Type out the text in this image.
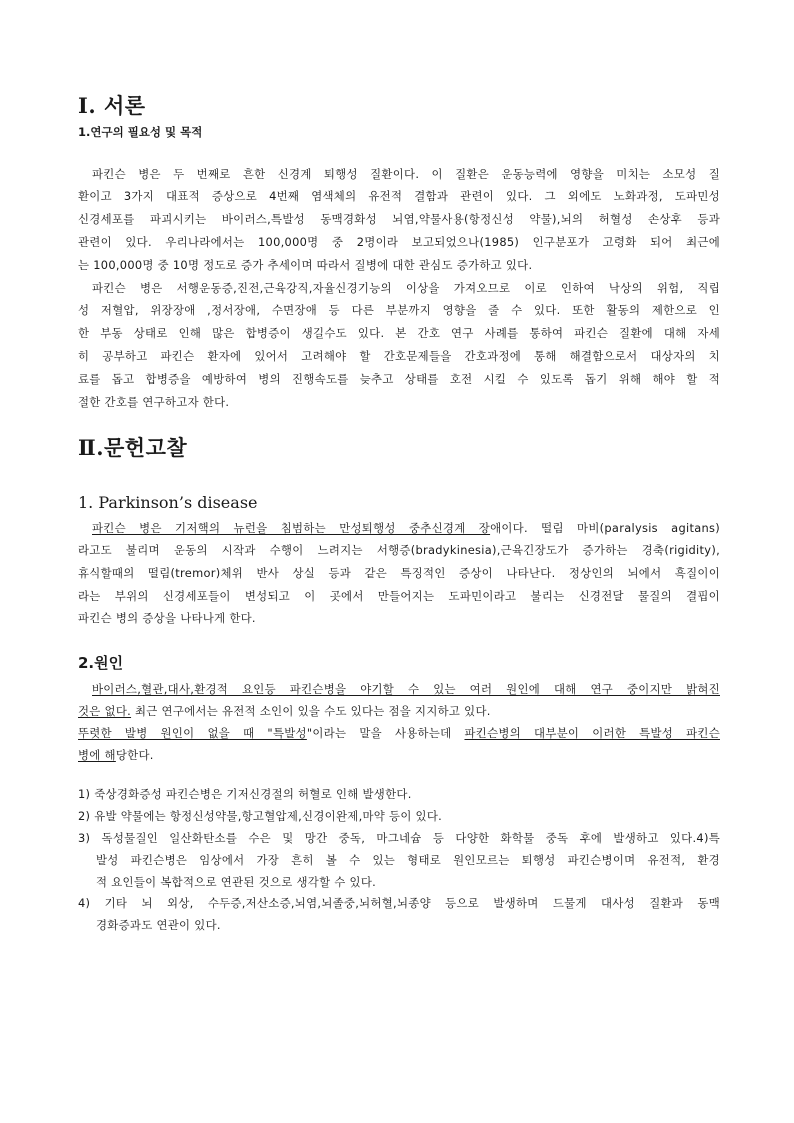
Ⅰ. 서론
1.연구의 필요성 및 목적
파킨슨 병은 두 번째로 흔한 신경계 퇴행성 질환이다. 이 질환은 운동능력에 영향을 미치는 소모성 질
환이고 3가지 대표적 증상으로 4번째 염색체의 유전적 결함과 관련이 있다. 그 외에도 노화과정, 도파민성
신경세포를 파괴시키는 바이러스,특발성 동맥경화성 뇌염,약물사용(항정신성 약물),뇌의 허혈성 손상후 등과
관련이 있다. 우리나라에서는 100,000명 중 2명이라 보고되었으나(1985) 인구분포가 고령화 되어 최근에
는 100,000명 중 10명 정도로 증가 추세이며 따라서 질병에 대한 관심도 증가하고 있다.
파킨슨 병은 서행운동증,진전,근육강직,자율신경기능의 이상을 가져오므로 이로 인하여 낙상의 위험, 직립
성 저혈압, 위장장애 ,정서장애, 수면장애 등 다른 부분까지 영향을 줄 수 있다. 또한 활동의 제한으로 인
한 부동 상태로 인해 많은 합병증이 생길수도 있다. 본 간호 연구 사례를 통하여 파킨슨 질환에 대해 자세
히 공부하고 파킨슨 환자에 있어서 고려해야 할 간호문제들을 간호과정에 통해 해결함으로서 대상자의 치
료를 돕고 합병증을 예방하여 병의 진행속도를 늦추고 상태를 호전 시킬 수 있도록 돕기 위해 해야 할 적
절한 간호를 연구하고자 한다.
Ⅱ.문헌고찰
1. Parkinson’s disease
파킨슨 병은 기저핵의 뉴런을 침범하는 만성퇴행성 중추신경계 장애이다. 떨림 마비(paralysis agitans)
라고도 불리며 운동의 시작과 수행이 느려지는 서행증(bradykinesia),근육긴장도가 증가하는 경축(rigidity),
휴식할때의 떨림(tremor)체위 반사 상실 등과 같은 특징적인 증상이 나타난다. 정상인의 뇌에서 흑질이이
라는 부위의 신경세포들이 변성되고 이 곳에서 만들어지는 도파민이라고 불리는 신경전달 물질의 결핍이
파킨슨 병의 증상을 나타나게 한다.
2.원인
바이러스,혈관,대사,환경적 요인등 파킨슨병을 야기할 수 있는 여러 원인에 대해 연구 중이지만 밝혀진
것은 없다. 최근 연구에서는 유전적 소인이 있을 수도 있다는 점을 지지하고 있다.
뚜렷한 발병 원인이 없을 때 "특발성"이라는 말을 사용하는데 파킨슨병의 대부분이 이러한 특발성 파킨슨
병에 해당한다.
1) 죽상경화증성 파킨슨병은 기저신경절의 허혈로 인해 발생한다.
2) 유발 약물에는 항정신성약물,항고혈압제,신경이완제,마약 등이 있다.
3) 독성물질인 일산화탄소를 수은 및 망간 중독, 마그네슘 등 다양한 화학물 중독 후에 발생하고 있다.4)특
발성 파킨슨병은 임상에서 가장 흔히 볼 수 있는 형태로 원인모르는 퇴행성 파킨슨병이며 유전적, 환경
적 요인들이 복합적으로 연관된 것으로 생각할 수 있다.
4) 기타 뇌 외상, 수두증,저산소증,뇌염,뇌졸중,뇌허혈,뇌종양 등으로 발생하며 드물게 대사성 질환과 동맥
경화증과도 연관이 있다.
